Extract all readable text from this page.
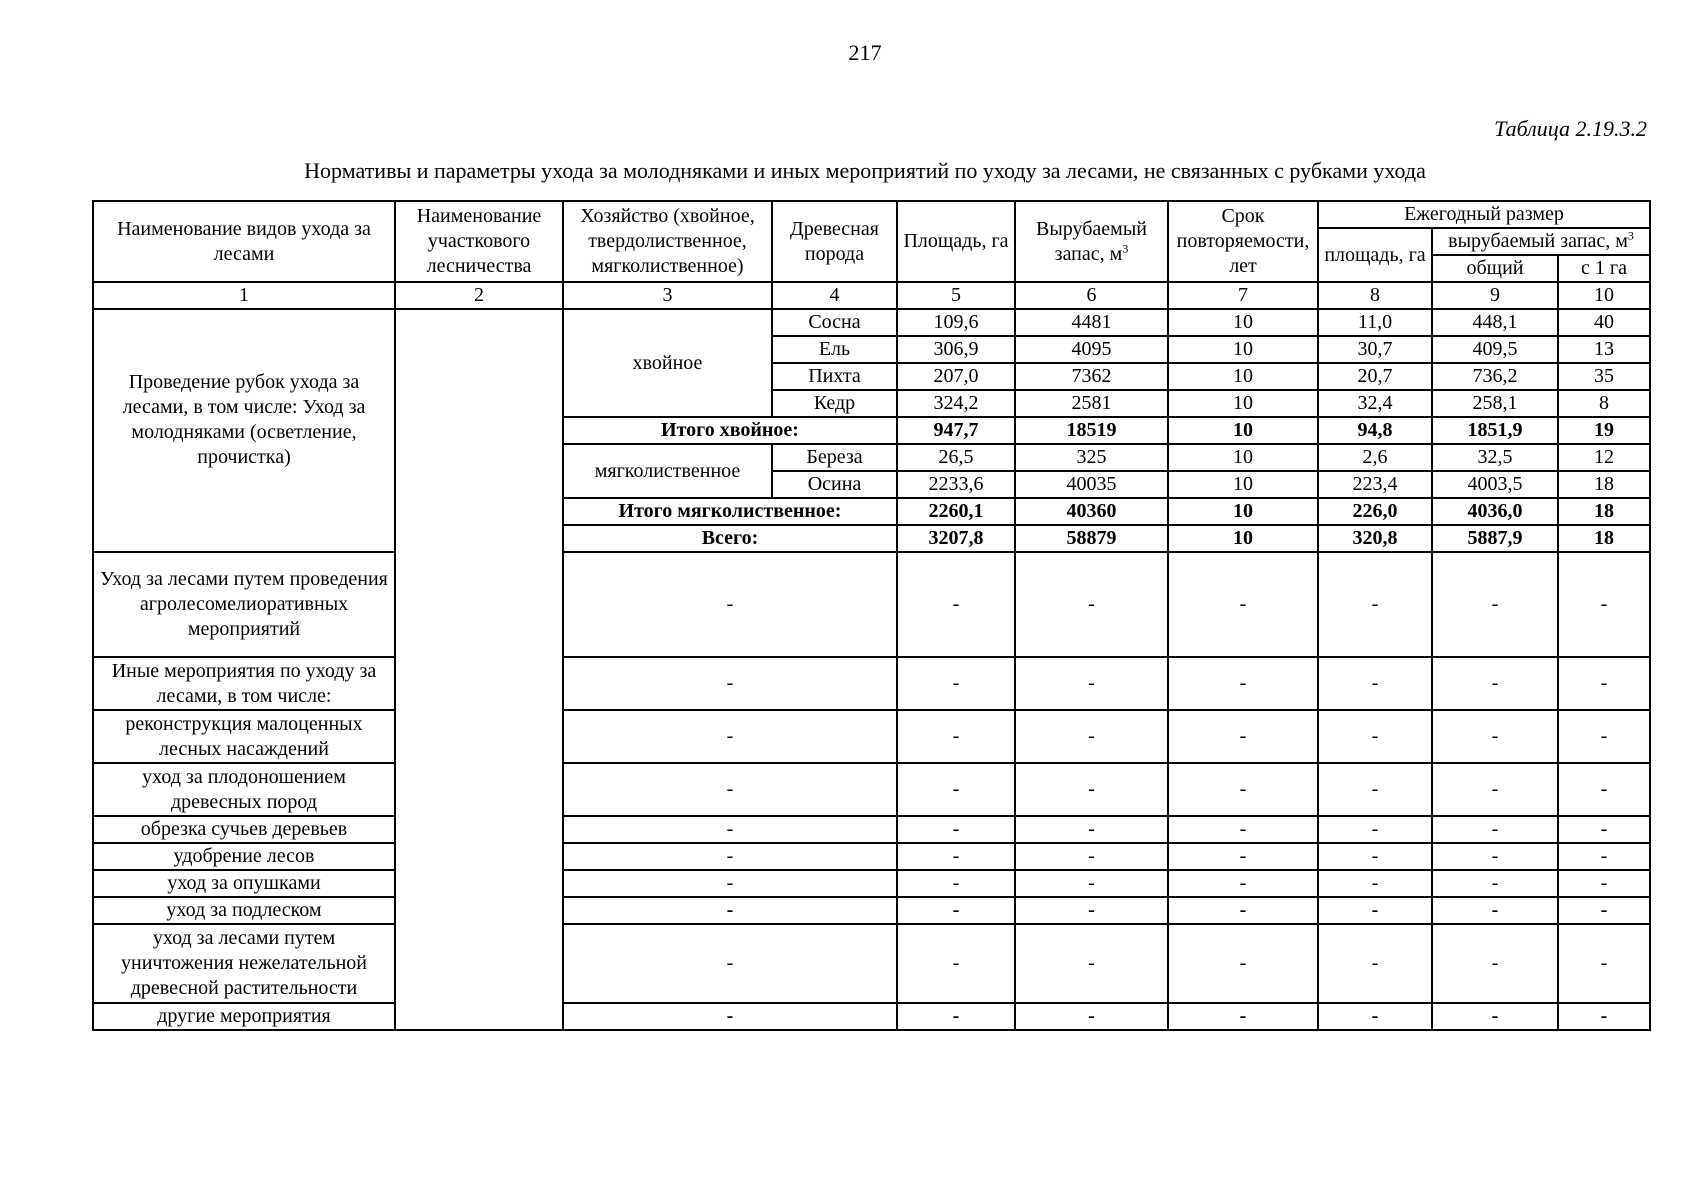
217
Таблица 2.19.3.2
Нормативы и параметры ухода за молодняками и иных мероприятий по уходу за лесами, не связанных с рубками ухода
Наименование видов ухода за лесами	Наименование участкового лесничества	Хозяйство (хвойное, твердолиственное, мягколиственное)	Древесная порода	Площадь, га	Вырубаемый запас, $м^3$	Срок повторяемости, лет	Ежегодный размер		
							площадь, га	вырубаемый запас, $м^3$
								общий	с 1 га
1	2	3	4	5	6	7	8	9	10
Проведение рубок ухода за лесами, в том числе: Уход за молодняками (осветление, прочистка)		хвойное	Сосна	109,6	4481	10	11,0	448,1	40
			Ель	306,9	4095	10	30,7	409,5	13
			Пихта	207,0	7362	10	20,7	736,2	35
			Кедр	324,2	2581	10	32,4	258,1	8
		Итого хвойное:		947,7	18519	10	94,8	1851,9	19
		мягколиственное	Береза	26,5	325	10	2,6	32,5	12
			Осина	2233,6	40035	10	223,4	4003,5	18
		Итого мягколиственное:		2260,1	40360	10	226,0	4036,0	18
		Всего:		3207,8	58879	10	320,8	5887,9	18
Уход за лесами путем проведения агролесомелиоративных мероприятий		-		-	-	-	-	-	-
Иные мероприятия по уходу за лесами, в том числе:		-		-	-	-	-	-	-
реконструкция малоценных лесных насаждений		-		-	-	-	-	-	-
уход за плодоношением древесных пород		-		-	-	-	-	-	-
обрезка сучьев деревьев		-		-	-	-	-	-	-
удобрение лесов		-		-	-	-	-	-	-
уход за опушками		-		-	-	-	-	-	-
уход за подлеском		-		-	-	-	-	-	-
уход за лесами путем уничтожения нежелательной древесной растительности		-		-	-	-	-	-	-
другие мероприятия		-		-	-	-	-	-	-
